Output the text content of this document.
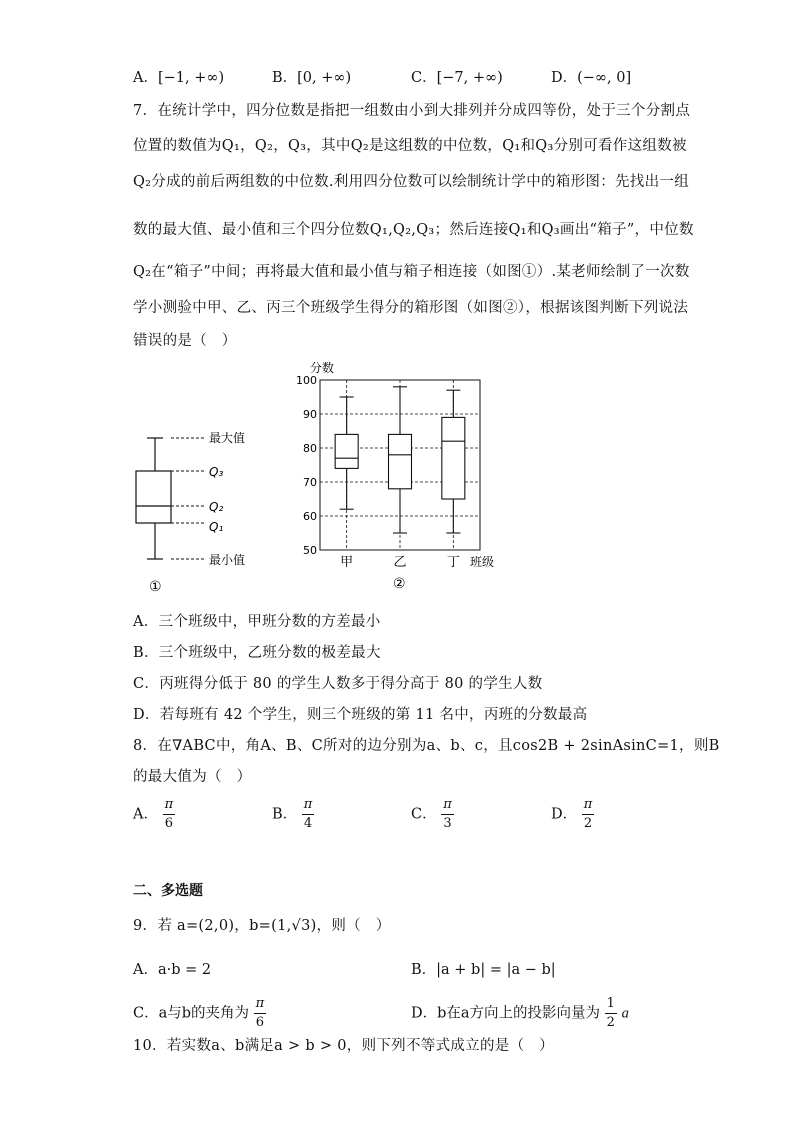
A．[−1, +∞)	B．[0, +∞)	C．[−7, +∞)	D．(−∞, 0]
7．在统计学中，四分位数是指把一组数由小到大排列并分成四等份，处于三个分割点
位置的数值为Q₁，Q₂，Q₃，其中Q₂是这组数的中位数，Q₁和Q₃分别可看作这组数被
Q₂分成的前后两组数的中位数.利用四分位数可以绘制统计学中的箱形图：先找出一组
数的最大值、最小值和三个四分位数Q₁,Q₂,Q₃；然后连接Q₁和Q₃画出“箱子”，中位数
Q₂在“箱子”中间；再将最大值和最小值与箱子相连接（如图①）.某老师绘制了一次数
学小测验中甲、乙、丙三个班级学生得分的箱形图（如图②），根据该图判断下列说法
错误的是（　）
最大值
Q₃
Q₂
Q₁
最小值
①
50
60
70
80
90
100
甲	乙	丁
分数
班级
②
A．三个班级中，甲班分数的方差最小
B．三个班级中，乙班分数的极差最大
C．丙班得分低于 80 的学生人数多于得分高于 80 的学生人数
D．若每班有 42 个学生，则三个班级的第 11 名中，丙班的分数最高
8．在∇ABC中，角A、B、C所对的边分别为a、b、c，且cos2B + 2sinAsinC=1，则B
的最大值为（　）
A． $\frac{\pi}{6}$	B． $\frac{\pi}{4}$	C． $\frac{\pi}{3}$	D． $\frac{\pi}{2}$
二、多选题
9．若 a=(2,0)，b=(1,√3)，则（　）
A．a·b = 2	B．|a + b| = |a − b|
C．a与b的夹角为 $\frac{\pi}{6}$	D．b在a方向上的投影向量为 $\frac{1}{2}$ a
10．若实数a、b满足a > b > 0，则下列不等式成立的是（　）
